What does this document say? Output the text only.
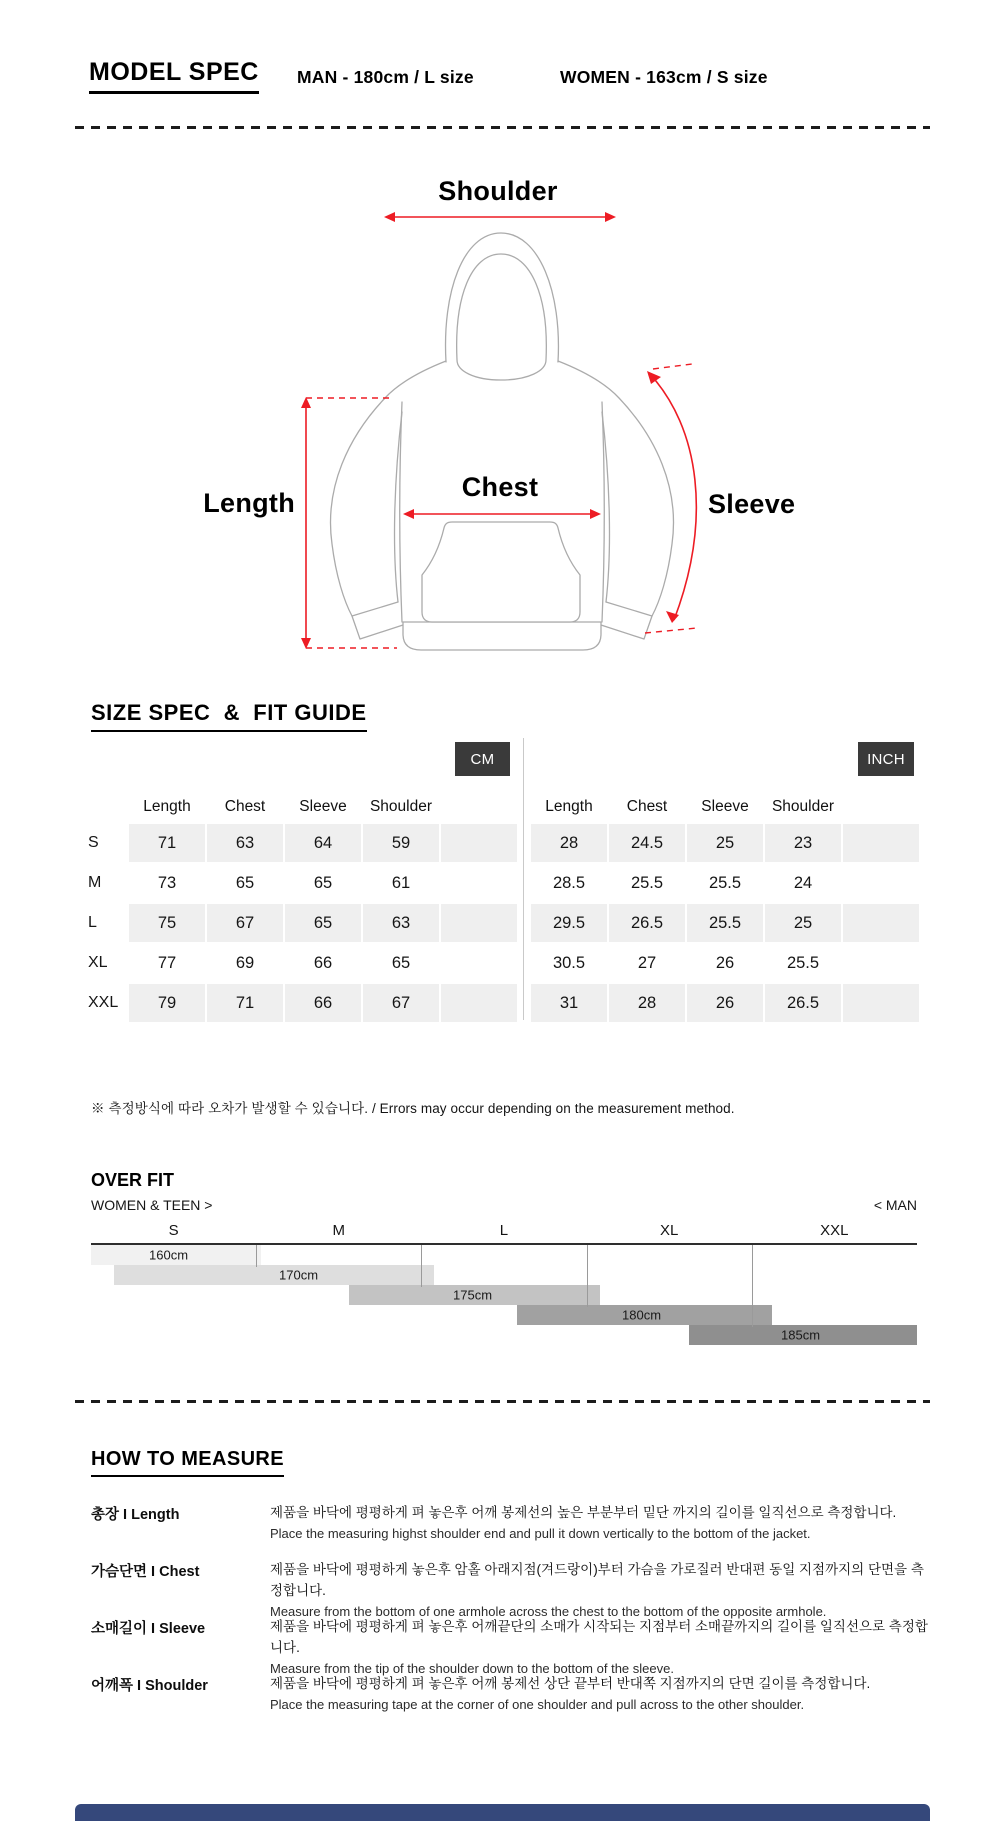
MODEL SPEC MAN - 180cm / L size	WOMEN - 163cm / S size
Shoulder
Length
Chest
Sleeve
SIZE SPEC  &  FIT GUIDE
CM	INCH
Length	Chest	Sleeve	Shoulder
S	71	63	64	59
M	73	65	65	61
L	75	67	65	63
XL	77	69	66	65
XXL	79	71	66	67
Length	Chest	Sleeve	Shoulder
28	24.5	25	23
28.5	25.5	25.5	24
29.5	26.5	25.5	25
30.5	27	26	25.5
31	28	26	26.5
※ 측정방식에 따라 오차가 발생할 수 있습니다. / Errors may occur depending on the measurement method.
OVER FIT
WOMEN & TEEN >	< MAN
S	M	L	XL	XXL
160cm
170cm
175cm
180cm
185cm
HOW TO MEASURE
총장 I Length	제품을 바닥에 평평하게 펴 놓은후 어깨 봉제선의 높은 부분부터 밑단 까지의 길이를 일직선으로 측정합니다.
Place the measuring highst shoulder end and pull it down vertically to the bottom of the jacket.
가슴단면 I Chest	제품을 바닥에 평평하게 놓은후 암홀 아래지점(겨드랑이)부터 가슴을 가로질러 반대편 동일 지점까지의 단면을 측정합니다.
Measure from the bottom of one armhole across the chest to the bottom of the opposite armhole.
소매길이 I Sleeve	제품을 바닥에 평평하게 펴 놓은후 어깨끝단의 소매가 시작되는 지점부터 소매끝까지의 길이를 일직선으로 측정합니다.
Measure from the tip of the shoulder down to the bottom of the sleeve.
어깨폭 I Shoulder	제품을 바닥에 평평하게 펴 놓은후 어깨 봉제선 상단 끝부터 반대쪽 지점까지의 단면 길이를 측정합니다.
Place the measuring tape at the corner of one shoulder and pull across to the other shoulder.
